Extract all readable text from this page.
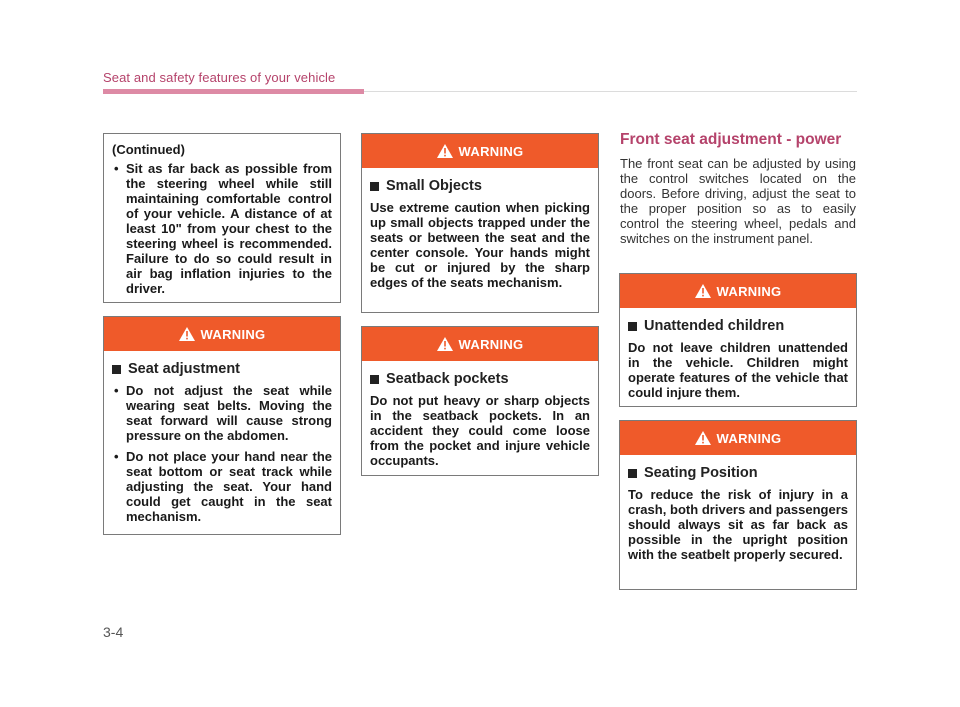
Seat and safety features of your vehicle
(Continued)
• Sit as far back as possible from the steering wheel while still maintaining comfortable control of your vehicle. A distance of at least 10" from your chest to the steering wheel is recommended. Failure to do so could result in air bag inflation injuries to the driver.
WARNING
Seat adjustment
• Do not adjust the seat while wearing seat belts. Moving the seat forward will cause strong pressure on the abdomen.
• Do not place your hand near the seat bottom or seat track while adjusting the seat. Your hand could get caught in the seat mechanism.
WARNING
Small Objects
Use extreme caution when picking up small objects trapped under the seats or between the seat and the center console. Your hands might be cut or injured by the sharp edges of the seats mechanism.
WARNING
Seatback pockets
Do not put heavy or sharp objects in the seatback pockets. In an accident they could come loose from the pocket and injure vehicle occupants.
Front seat adjustment - power
The front seat can be adjusted by using the control switches located on the doors. Before driving, adjust the seat to the proper position so as to easily control the steering wheel, pedals and switches on the instrument panel.
WARNING
Unattended children
Do not leave children unattended in the vehicle. Children might operate features of the vehicle that could injure them.
WARNING
Seating Position
To reduce the risk of injury in a crash, both drivers and passengers should always sit as far back as possible in the upright position with the seatbelt properly secured.
3-4
